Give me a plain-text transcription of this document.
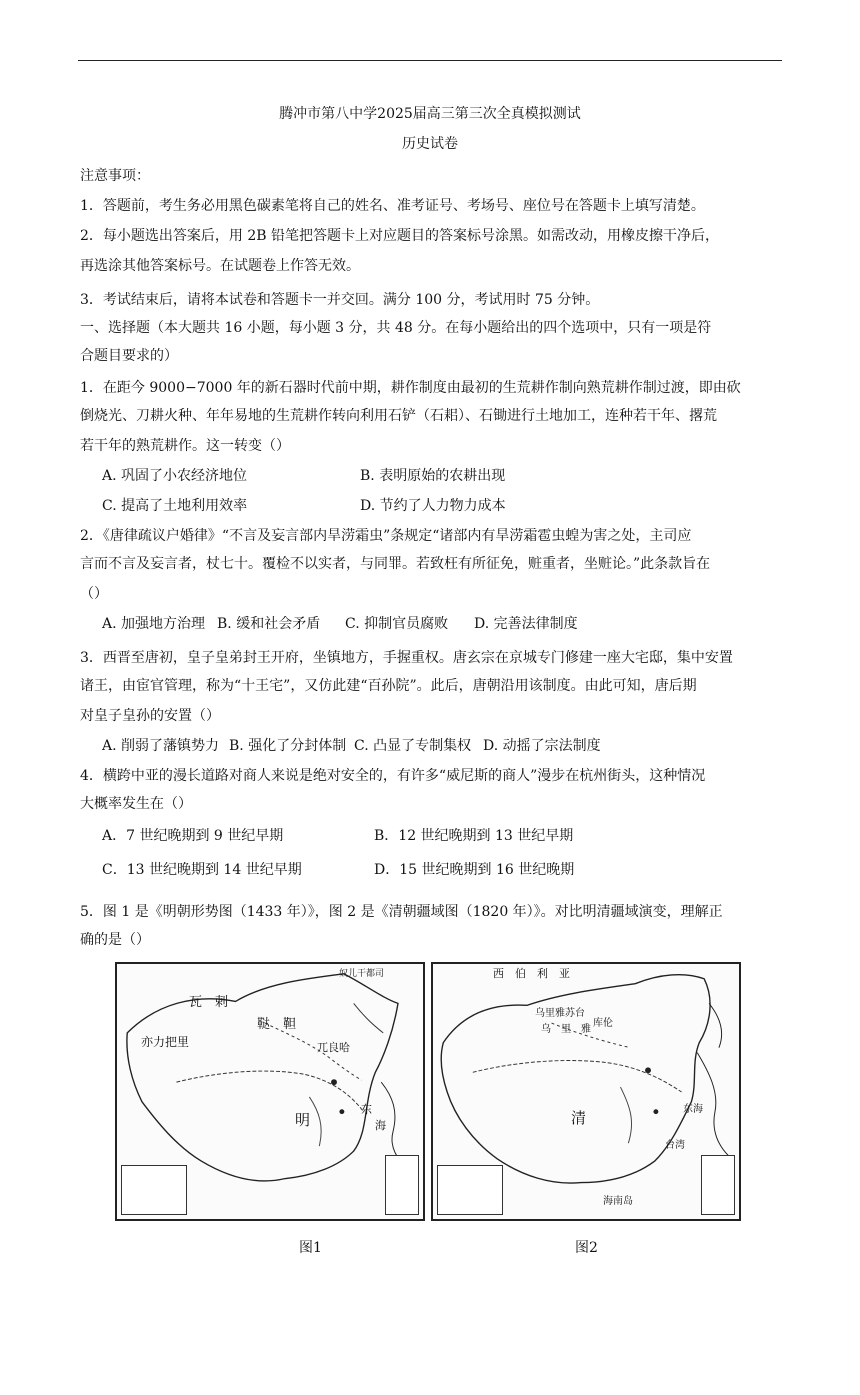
腾冲市第八中学2025届高三第三次全真模拟测试
历史试卷
注意事项：
1．答题前，考生务必用黑色碳素笔将自己的姓名、准考证号、考场号、座位号在答题卡上填写清楚。
2．每小题选出答案后，用 2B 铅笔把答题卡上对应题目的答案标号涂黑。如需改动，用橡皮擦干净后，
再选涂其他答案标号。在试题卷上作答无效。
3．考试结束后，请将本试卷和答题卡一并交回。满分 100 分，考试用时 75 分钟。
一、选择题（本大题共 16 小题，每小题 3 分，共 48 分。在每小题给出的四个选项中，只有一项是符
合题目要求的）
1．在距今 9000−7000 年的新石器时代前中期，耕作制度由最初的生荒耕作制向熟荒耕作制过渡，即由砍
倒烧光、刀耕火种、年年易地的生荒耕作转向利用石铲（石耜）、石锄进行土地加工，连种若干年、撂荒
若干年的熟荒耕作。这一转变（）
A. 巩固了小农经济地位	B. 表明原始的农耕出现
C. 提高了土地利用效率	D. 节约了人力物力成本
2．《唐律疏议户婚律》“不言及妄言部内旱涝霜虫”条规定“诸部内有旱涝霜雹虫蝗为害之处，主司应
言而不言及妄言者，杖七十。覆检不以实者，与同罪。若致枉有所征免，赃重者，坐赃论。”此条款旨在
（）
A. 加强地方治理 B. 缓和社会矛盾 C. 抑制官员腐败 D. 完善法律制度
3．西晋至唐初，皇子皇弟封王开府，坐镇地方，手握重权。唐玄宗在京城专门修建一座大宅邸，集中安置
诸王，由宦官管理，称为“十王宅”，又仿此建“百孙院”。此后，唐朝沿用该制度。由此可知，唐后期
对皇子皇孙的安置（）
A. 削弱了藩镇势力 B. 强化了分封体制 C. 凸显了专制集权 D. 动摇了宗法制度
4．横跨中亚的漫长道路对商人来说是绝对安全的，有许多“威尼斯的商人”漫步在杭州街头，这种情况
大概率发生在（）
A．7 世纪晚期到 9 世纪早期	B．12 世纪晚期到 13 世纪早期
C．13 世纪晚期到 14 世纪早期	D．15 世纪晚期到 16 世纪晚期
5．图 1 是《明朝形势图（1433 年）》，图 2 是《清朝疆域图（1820 年）》。对比明清疆域演变，理解正
确的是（）
瓦　剌
鞑　靼
亦力把里
明
东
海
兀良哈
奴儿干都司	西　伯　利　亚
乌里雅苏台
乌　里　雅
库伦
清
台湾
海南岛
东海
图1	图2
